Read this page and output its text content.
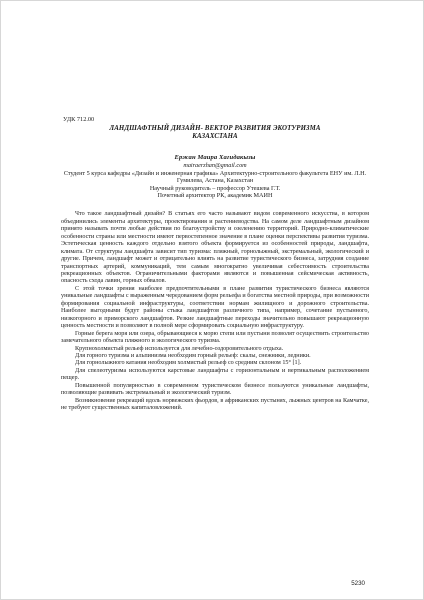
УДК 712.00
ЛАНДШАФТНЫЙ ДИЗАЙН- ВЕКТОР РАЗВИТИЯ ЭКОТУРИЗМА
КАЗАХСТАНА
Ержан Маира Хагидакызы
mairaerzhan@gmail.com
Студент 5 курса кафедры «Дизайн и инженерная графика» Архитектурно-строительного факультета ЕНУ им. Л.Н. Гумилева, Астана, Казахстан
Научный руководитель – профессор Утешева Г.Т.
Почетный архитектор РК, академик МАИН

Что такое ландшафтный дизайн? В статьях его часто называют видом современного искусства, в котором объединились элементы архитектуры, проектирования и растениеводства. На самом деле ландшафтным дизайном принято называть почти любые действия по благоустройству и озеленению территорий. Природно-климатические особенности страны или местности имеют первостепенное значение в плане оценки перспективы развития туризма. Эстетическая ценность каждого отдельно взятого объекта формируется из особенностей природы, ландшафта, климата. От структуры ландшафта зависит тип туризма: пляжный, горнолыжный, экстремальный, экологический и другие. Причем, ландшафт может и отрицательно влиять на развитие туристического бизнеса, затрудняя создание транспортных артерий, коммуникаций, тем самым многократно увеличивая себестоимость строительства рекреационных объектов. Ограничительными факторами являются и повышенная сейсмическая активность, опасность схода лавин, горных обвалов.

С этой точки зрения наиболее предпочтительными в плане развития туристического бизнеса являются уникальные ландшафты с выраженным чередованием форм рельефа и богатства местной природы, при возможности формирования социальной инфраструктуры, соответствии нормам жилищного и дорожного строительства. Наиболее выгодными будут районы стыка ландшафтов различного типа, например, сочетание пустынного, низкогорного и приморского ландшафтов. Резкие ландшафтные переходы значительно повышают рекреационную ценность местности и позволяют в полной мере сформировать социальную инфраструктуру.

Горные берега моря или озера, обрывающиеся к морю степи или пустыни позволят осуществить строительство замечательного объекта пляжного и экологического туризма.

Крупнохолмистый рельеф используется для лечебно-оздоровительного отдыха.

Для горного туризма и альпинизма необходим горный рельеф: скалы, снежники, ледники.

Для горнолыжного катания необходим холмистый рельеф со средним склоном 15° [1].

Для спелеотуризма используются карстовые ландшафты с горизонтальным и вертикальным расположением пещер.

Повышенной популярностью в современном туристическом бизнесе пользуются уникальные ландшафты, позволяющие развивать экстремальный и экологический туризм.

Возникновение рекреаций вдоль норвежских фьордов, в африканских пустынях, лыжных центров на Камчатке, не требуют существенных капиталовложений.

5230
